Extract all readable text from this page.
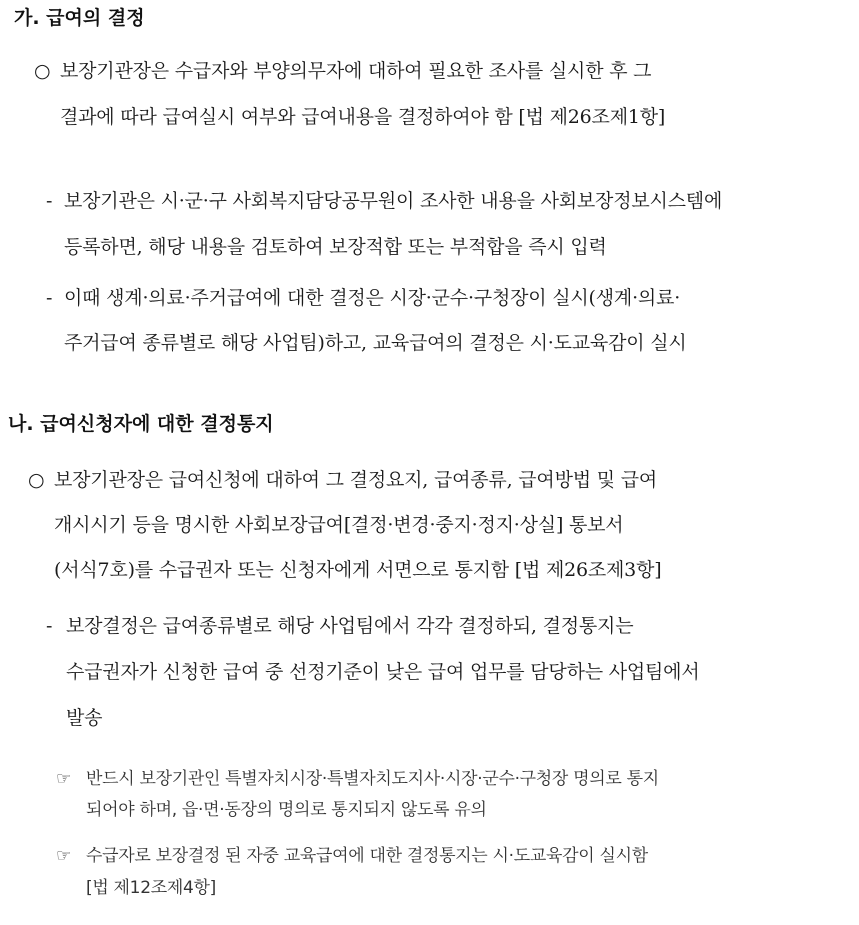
가. 급여의 결정
○ 보장기관장은 수급자와 부양의무자에 대하여 필요한 조사를 실시한 후 그
결과에 따라 급여실시 여부와 급여내용을 결정하여야 함 [법 제26조제1항]
- 보장기관은 시·군·구 사회복지담당공무원이 조사한 내용을 사회보장정보시스템에
등록하면, 해당 내용을 검토하여 보장적합 또는 부적합을 즉시 입력
- 이때 생계·의료·주거급여에 대한 결정은 시장·군수·구청장이 실시(생계·의료·
주거급여 종류별로 해당 사업팀)하고, 교육급여의 결정은 시·도교육감이 실시
나. 급여신청자에 대한 결정통지
○ 보장기관장은 급여신청에 대하여 그 결정요지, 급여종류, 급여방법 및 급여
개시시기 등을 명시한 사회보장급여[결정·변경·중지·정지·상실] 통보서
(서식7호)를 수급권자 또는 신청자에게 서면으로 통지함 [법 제26조제3항]
- 보장결정은 급여종류별로 해당 사업팀에서 각각 결정하되, 결정통지는
수급권자가 신청한 급여 중 선정기준이 낮은 급여 업무를 담당하는 사업팀에서
발송
☞ 반드시 보장기관인 특별자치시장·특별자치도지사·시장·군수·구청장 명의로 통지
되어야 하며, 읍·면·동장의 명의로 통지되지 않도록 유의
☞ 수급자로 보장결정 된 자중 교육급여에 대한 결정통지는 시·도교육감이 실시함
[법 제12조제4항]
